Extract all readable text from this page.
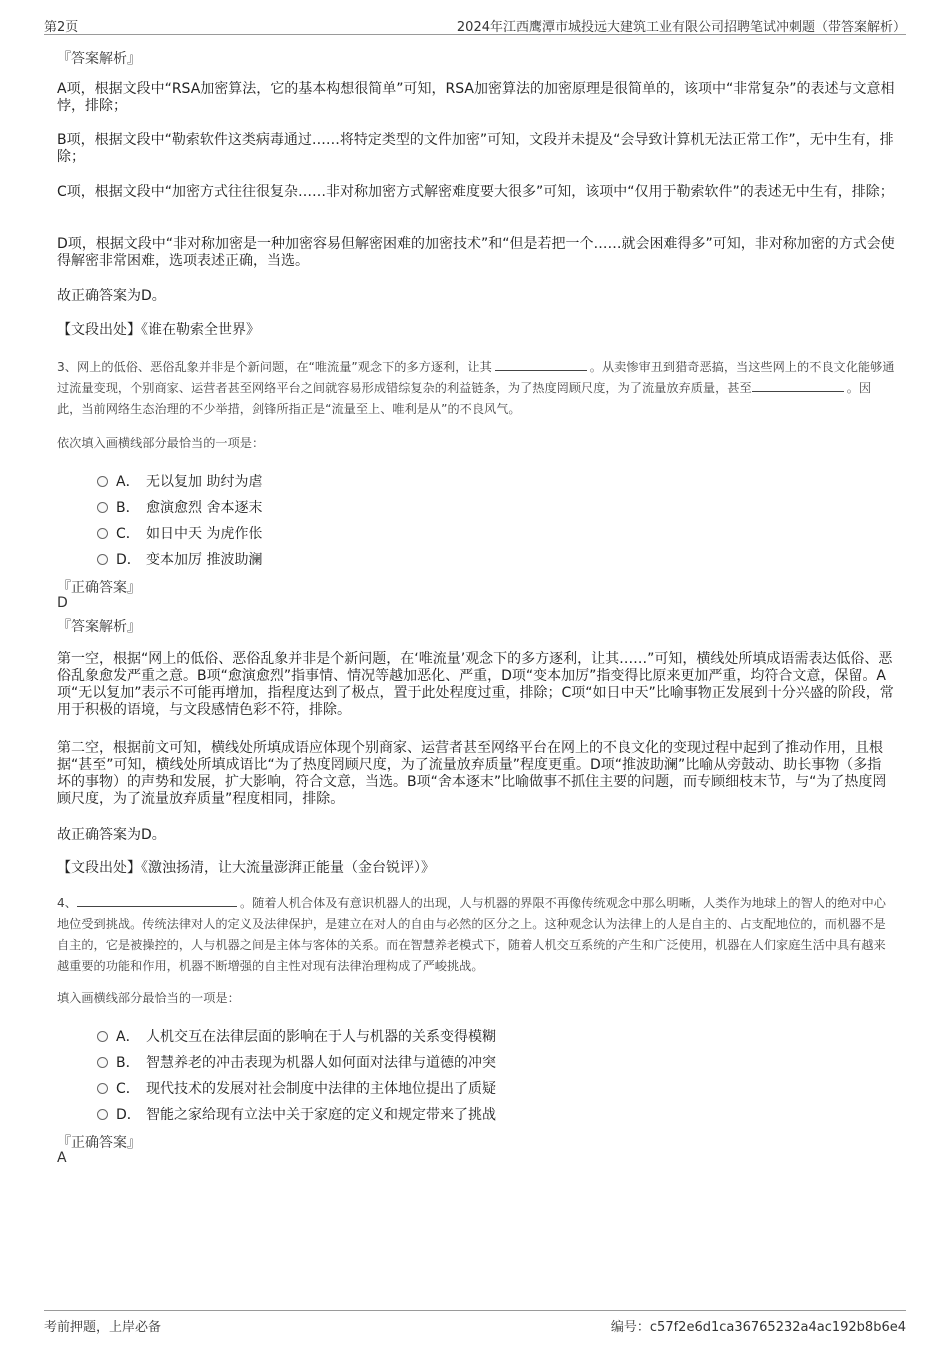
第2页	2024年江西鹰潭市城投远大建筑工业有限公司招聘笔试冲刺题（带答案解析）
『答案解析』
A项，根据文段中“RSA加密算法，它的基本构想很简单”可知，RSA加密算法的加密原理是很简单的，该项中“非常复杂”的表述与文意相悖，排除；
B项，根据文段中“勒索软件这类病毒通过……将特定类型的文件加密”可知，文段并未提及“会导致计算机无法正常工作”，无中生有，排除；
C项，根据文段中“加密方式往往很复杂……非对称加密方式解密难度要大很多”可知，该项中“仅用于勒索软件”的表述无中生有，排除；
D项，根据文段中“非对称加密是一种加密容易但解密困难的加密技术”和“但是若把一个……就会困难得多”可知，非对称加密的方式会使得解密非常困难，选项表述正确，当选。
故正确答案为D。
【文段出处】《谁在勒索全世界》
3、网上的低俗、恶俗乱象并非是个新问题，在“唯流量”观念下的多方逐利，让其	。从卖惨审丑到猎奇恶搞，当这些网上的不良文化能够通过流量变现，个别商家、运营者甚至网络平台之间就容易形成错综复杂的利益链条，为了热度罔顾尺度，为了流量放弃质量，甚至	。因此，当前网络生态治理的不少举措，剑锋所指正是“流量至上、唯利是从”的不良风气。
依次填入画横线部分最恰当的一项是：
A． 无以复加 助纣为虐
B． 愈演愈烈 舍本逐末
C． 如日中天 为虎作伥
D． 变本加厉 推波助澜
『正确答案』
D
『答案解析』
第一空，根据“网上的低俗、恶俗乱象并非是个新问题，在‘唯流量’观念下的多方逐利，让其……”可知，横线处所填成语需表达低俗、恶俗乱象愈发严重之意。B项“愈演愈烈”指事情、情况等越加恶化、严重，D项“变本加厉”指变得比原来更加严重，均符合文意，保留。A项“无以复加”表示不可能再增加，指程度达到了极点，置于此处程度过重，排除；C项“如日中天”比喻事物正发展到十分兴盛的阶段，常用于积极的语境，与文段感情色彩不符，排除。
第二空，根据前文可知，横线处所填成语应体现个别商家、运营者甚至网络平台在网上的不良文化的变现过程中起到了推动作用，且根据“甚至”可知，横线处所填成语比“为了热度罔顾尺度，为了流量放弃质量”程度更重。D项“推波助澜”比喻从旁鼓动、助长事物（多指坏的事物）的声势和发展，扩大影响，符合文意，当选。B项“舍本逐末”比喻做事不抓住主要的问题，而专顾细枝末节，与“为了热度罔顾尺度，为了流量放弃质量”程度相同，排除。
故正确答案为D。
【文段出处】《激浊扬清，让大流量澎湃正能量（金台锐评）》
4、	。随着人机合体及有意识机器人的出现，人与机器的界限不再像传统观念中那么明晰，人类作为地球上的智人的绝对中心地位受到挑战。传统法律对人的定义及法律保护，是建立在对人的自由与必然的区分之上。这种观念认为法律上的人是自主的、占支配地位的，而机器不是自主的，它是被操控的，人与机器之间是主体与客体的关系。而在智慧养老模式下，随着人机交互系统的产生和广泛使用，机器在人们家庭生活中具有越来越重要的功能和作用，机器不断增强的自主性对现有法律治理构成了严峻挑战。
填入画横线部分最恰当的一项是：
A． 人机交互在法律层面的影响在于人与机器的关系变得模糊
B． 智慧养老的冲击表现为机器人如何面对法律与道德的冲突
C． 现代技术的发展对社会制度中法律的主体地位提出了质疑
D． 智能之家给现有立法中关于家庭的定义和规定带来了挑战
『正确答案』
A
考前押题，上岸必备	编号：c57f2e6d1ca36765232a4ac192b8b6e4
